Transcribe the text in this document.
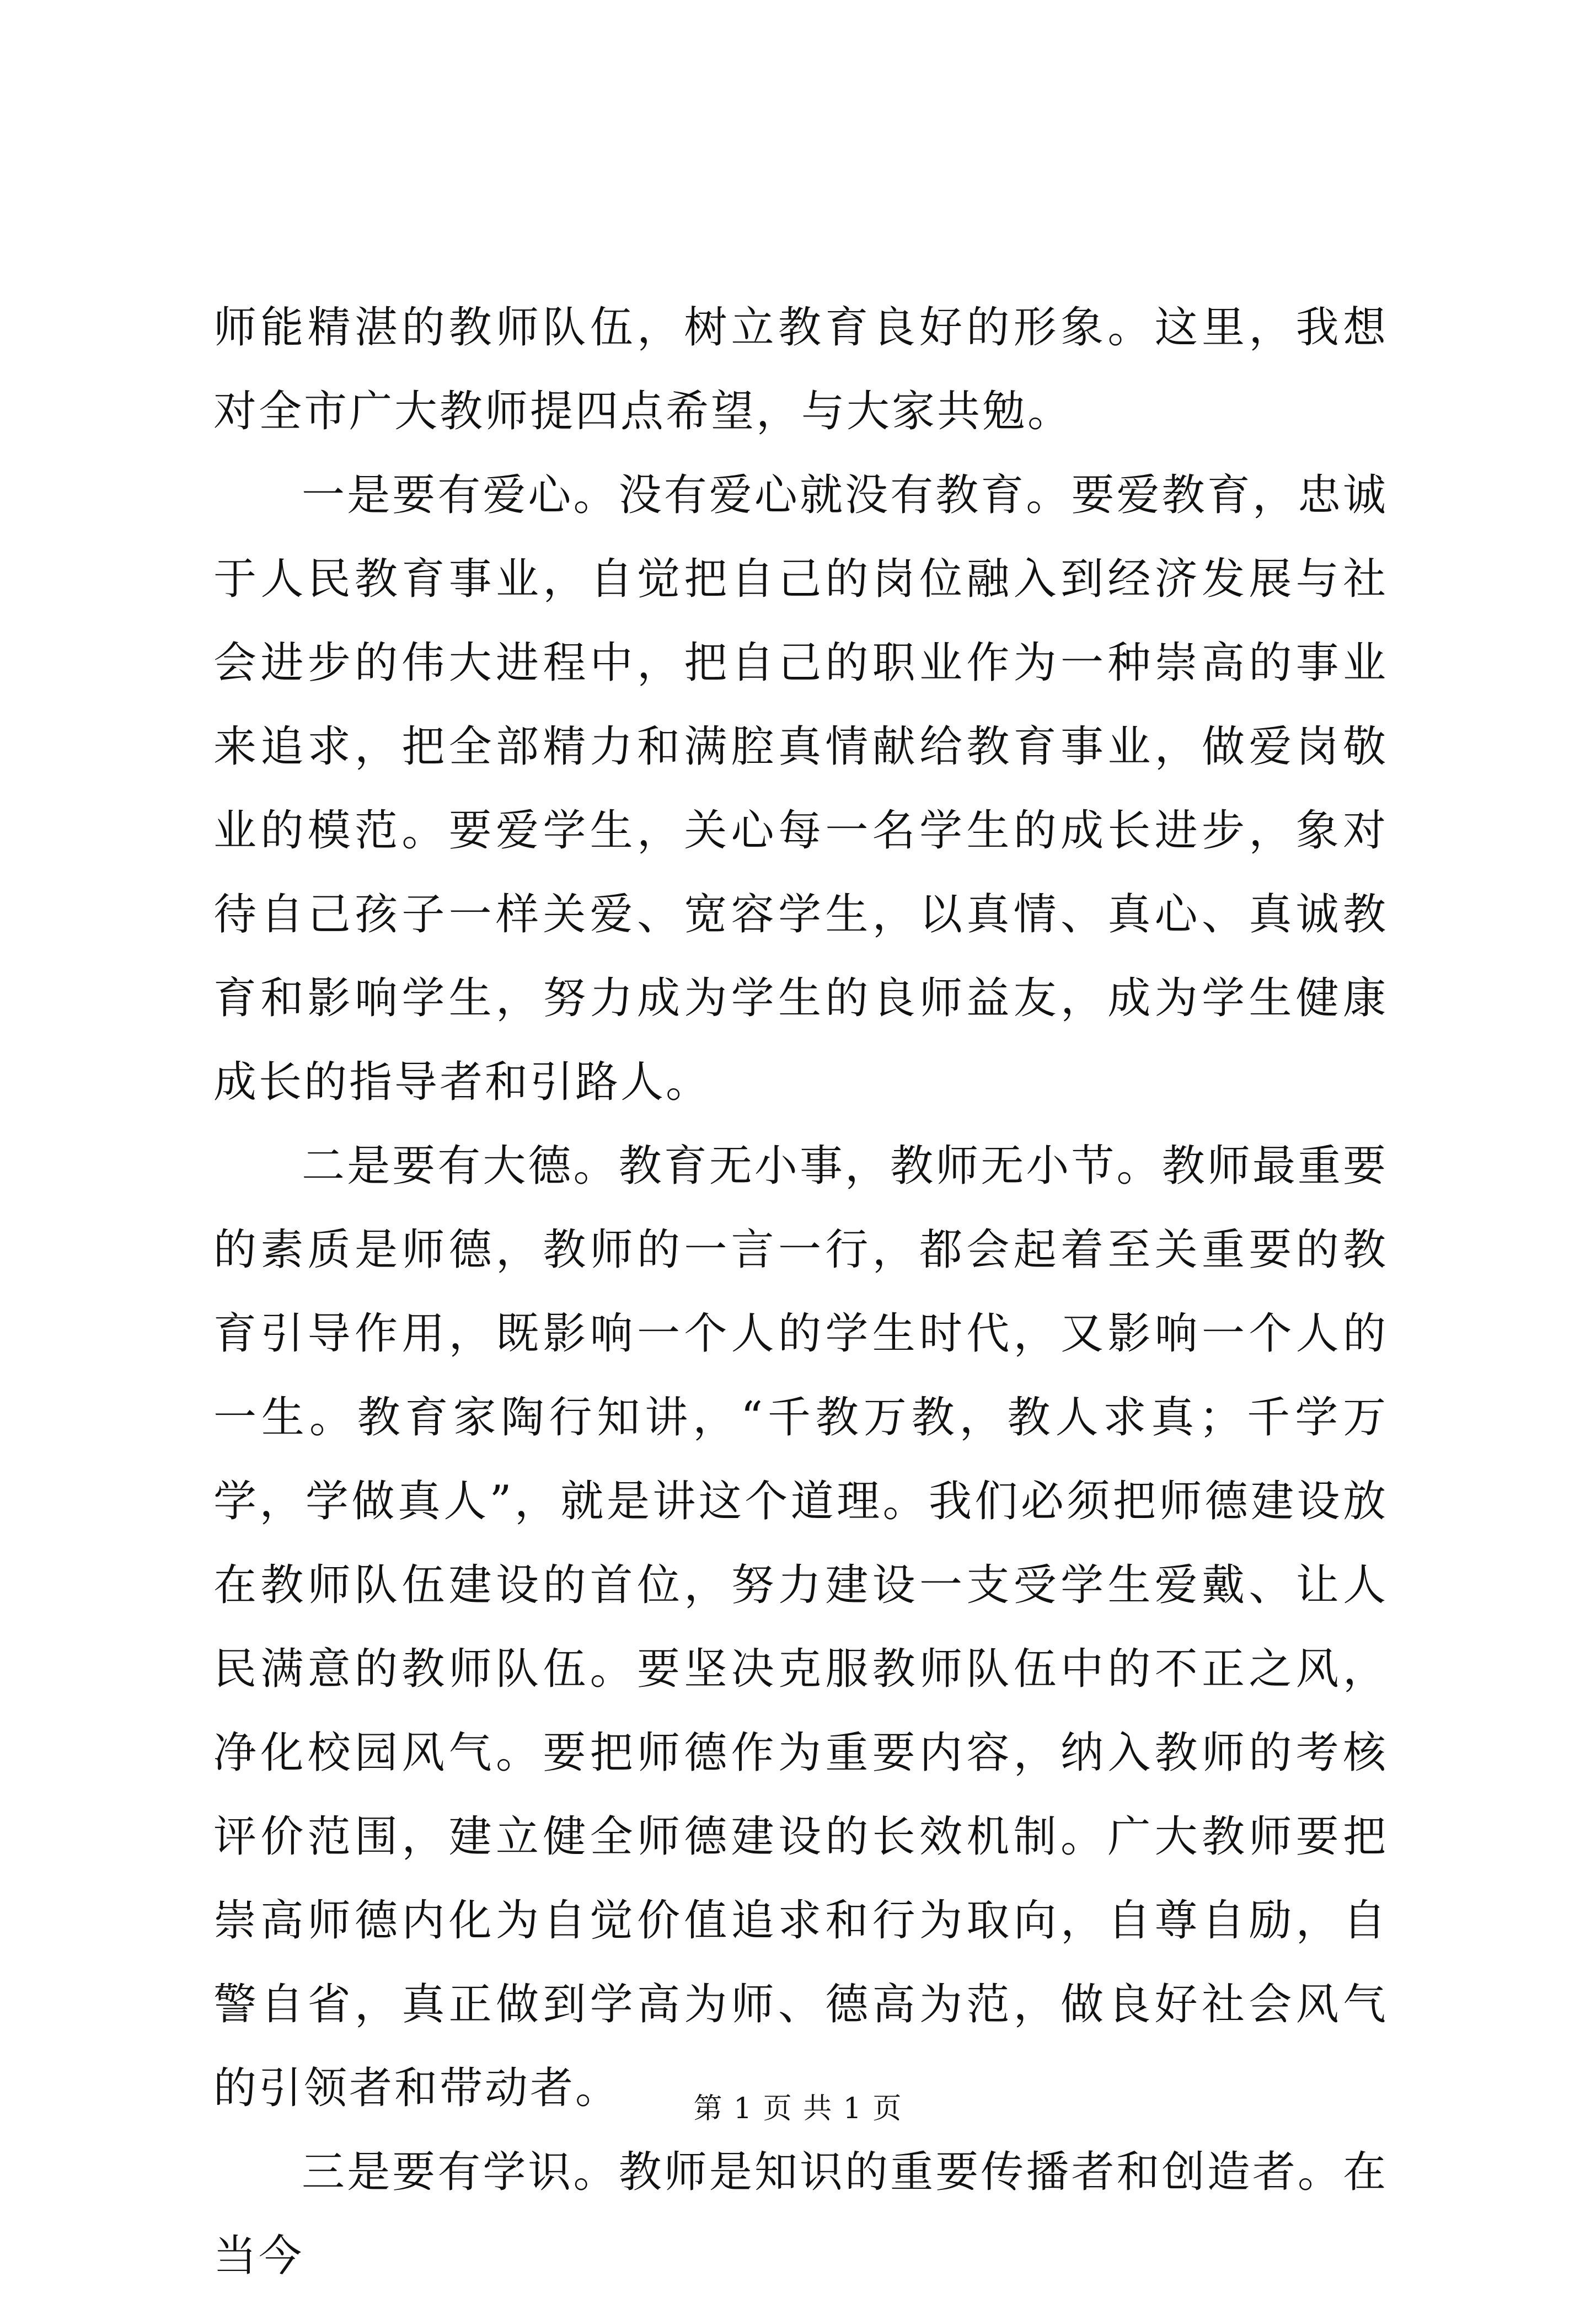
师能精湛的教师队伍，树立教育良好的形象。这里，我想对全市广大教师提四点希望，与大家共勉。

一是要有爱心。没有爱心就没有教育。要爱教育，忠诚于人民教育事业，自觉把自己的岗位融入到经济发展与社会进步的伟大进程中，把自己的职业作为一种崇高的事业来追求，把全部精力和满腔真情献给教育事业，做爱岗敬业的模范。要爱学生，关心每一名学生的成长进步，象对待自己孩子一样关爱、宽容学生，以真情、真心、真诚教育和影响学生，努力成为学生的良师益友，成为学生健康成长的指导者和引路人。

二是要有大德。教育无小事，教师无小节。教师最重要的素质是师德，教师的一言一行，都会起着至关重要的教育引导作用，既影响一个人的学生时代，又影响一个人的一生。教育家陶行知讲，“千教万教，教人求真；千学万学，学做真人”，就是讲这个道理。我们必须把师德建设放在教师队伍建设的首位，努力建设一支受学生爱戴、让人民满意的教师队伍。要坚决克服教师队伍中的不正之风，净化校园风气。要把师德作为重要内容，纳入教师的考核评价范围，建立健全师德建设的长效机制。广大教师要把崇高师德内化为自觉价值追求和行为取向，自尊自励，自警自省，真正做到学高为师、德高为范，做良好社会风气的引领者和带动者。

三是要有学识。教师是知识的重要传播者和创造者。在当今

第 1 页 共 1 页
